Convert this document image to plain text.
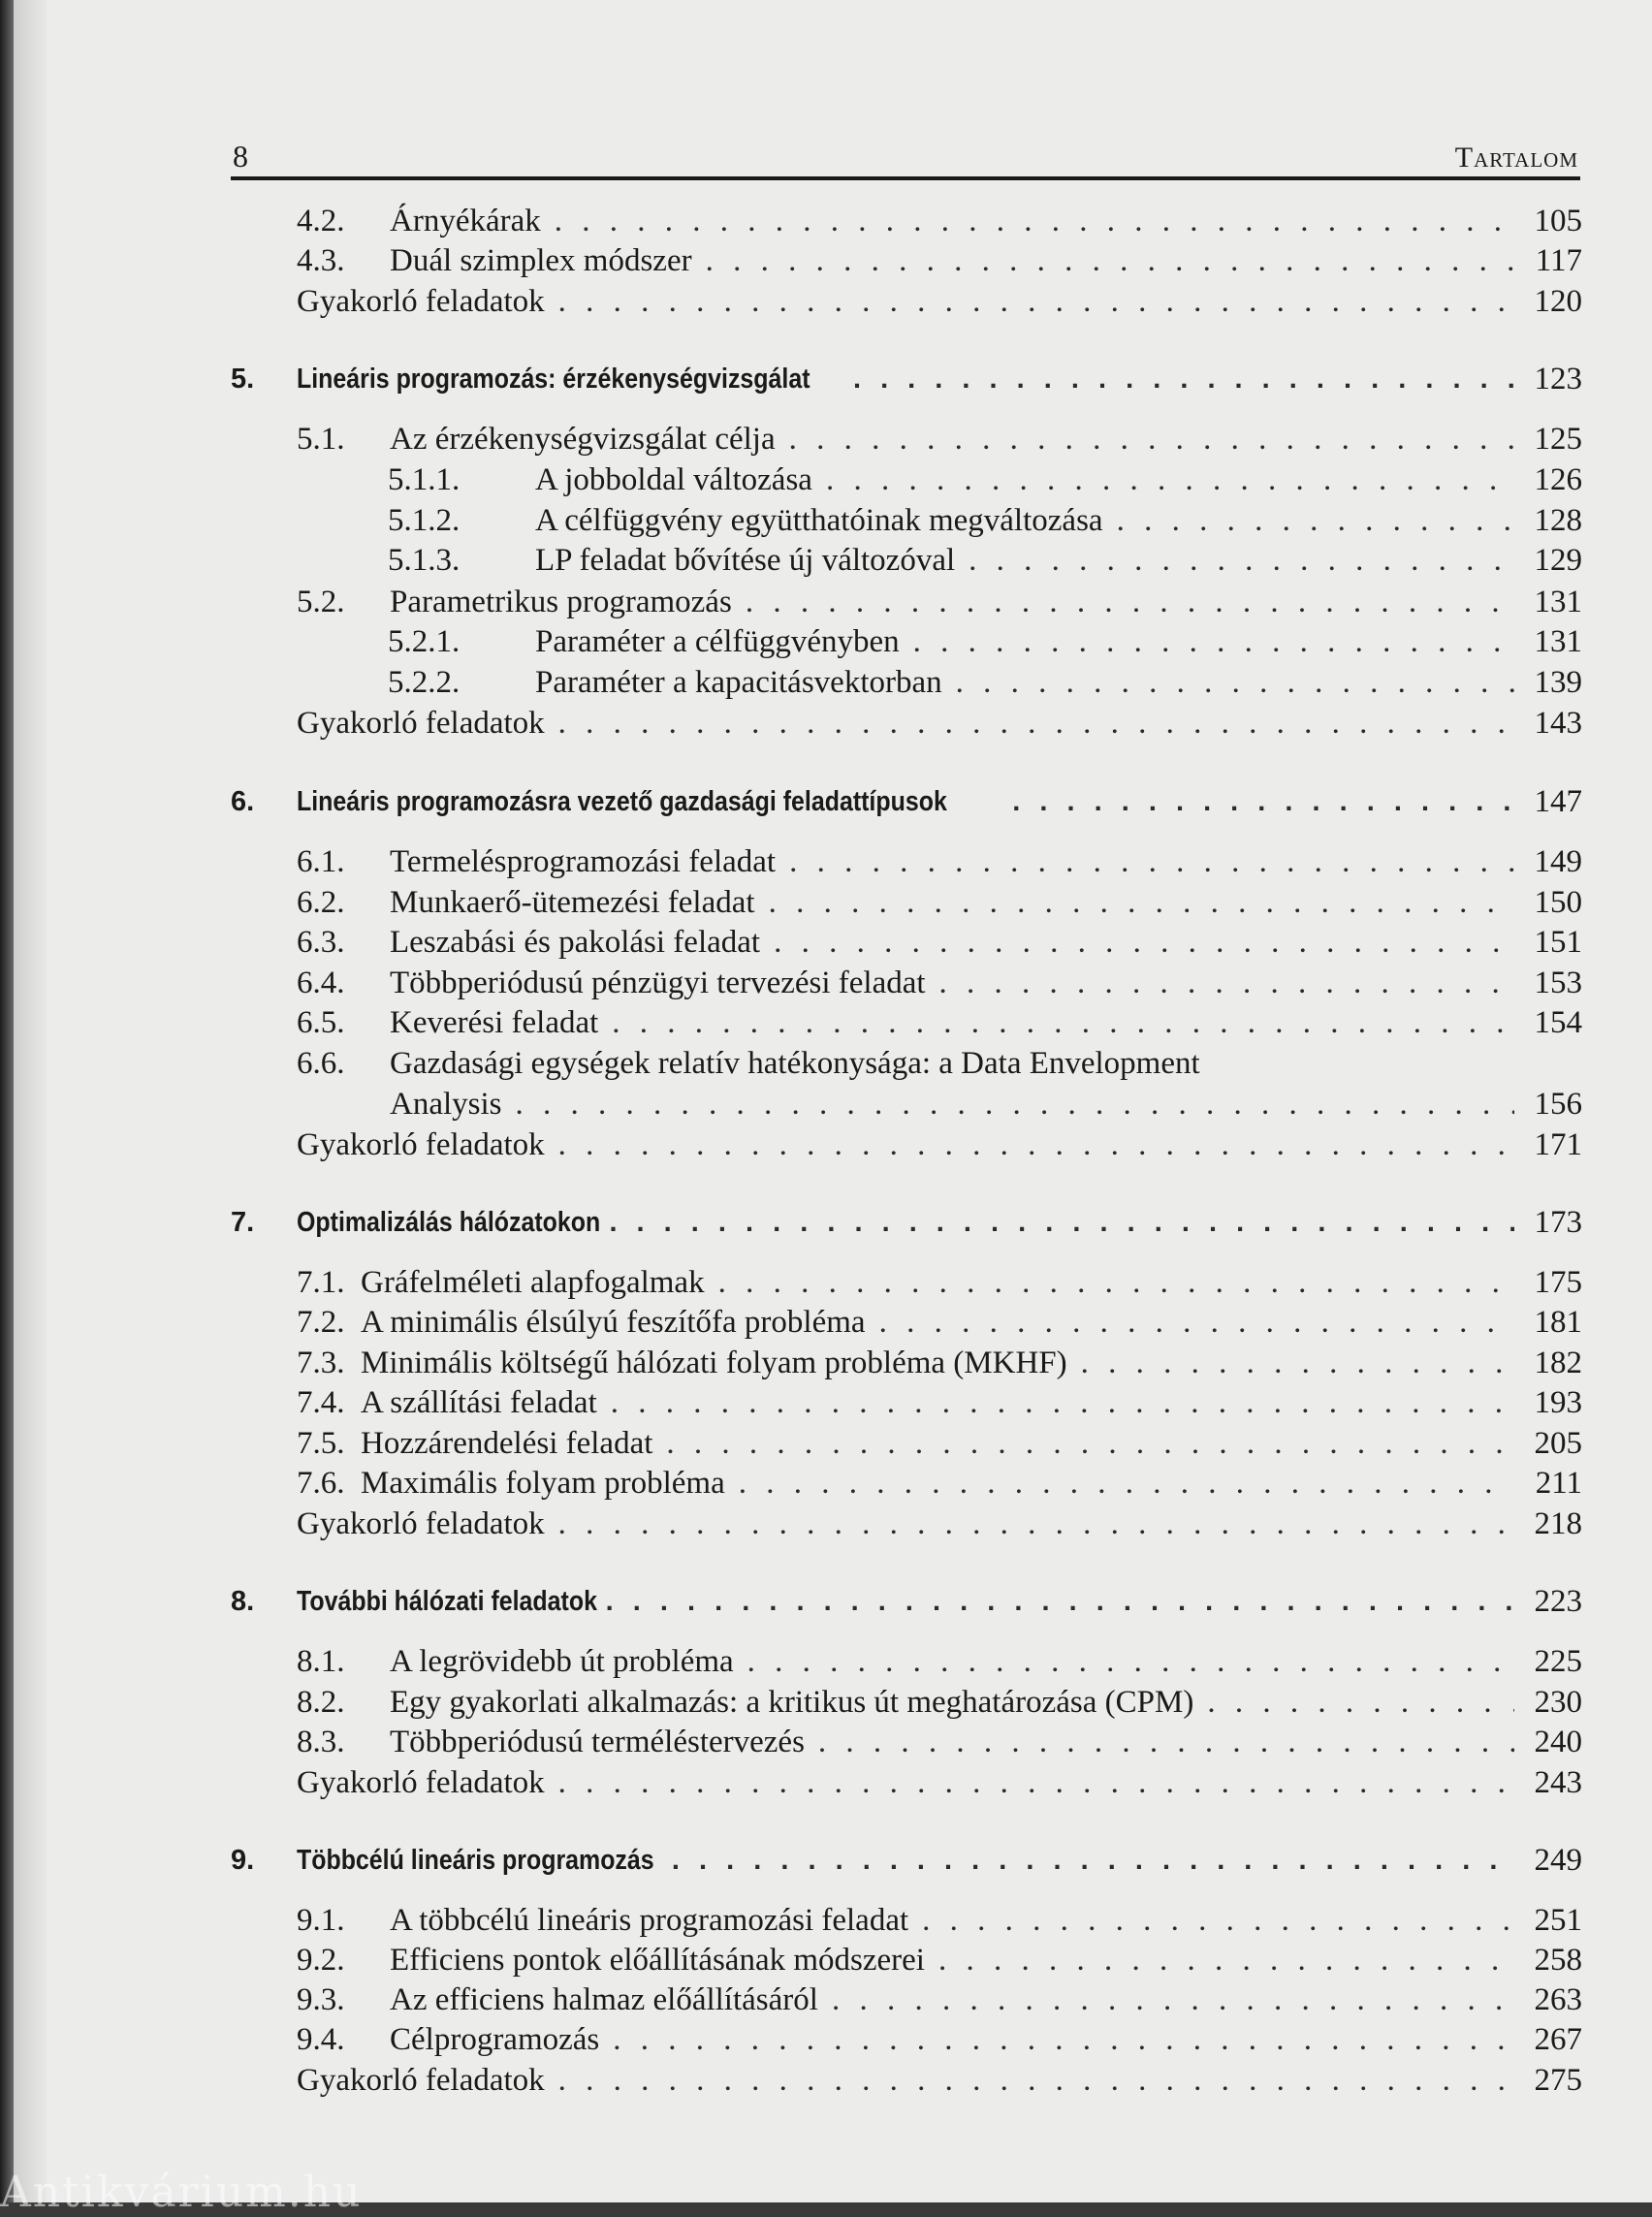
8	Tartalom
4.2.	Árnyékárak . . .	105
4.3.	Duál szimplex módszer . . .	117
Gyakorló feladatok . . .	120
5.	Lineáris programozás: érzékenységvizsgálat . . .	123
5.1.	Az érzékenységvizsgálat célja . . .	125
5.1.1.	A jobboldal változása . . .	126
5.1.2.	A célfüggvény együtthatóinak megváltozása . . .	128
5.1.3.	LP feladat bővítése új változóval . . .	129
5.2.	Parametrikus programozás . . .	131
5.2.1.	Paraméter a célfüggvényben . . .	131
5.2.2.	Paraméter a kapacitásvektorban . . .	139
Gyakorló feladatok . . .	143
6.	Lineáris programozásra vezető gazdasági feladattípusok . . .	147
6.1.	Termelésprogramozási feladat . . .	149
6.2.	Munkaerő-ütemezési feladat . . .	150
6.3.	Leszabási és pakolási feladat . . .	151
6.4.	Többperiódusú pénzügyi tervezési feladat . . .	153
6.5.	Keverési feladat . . .	154
6.6.	Gazdasági egységek relatív hatékonysága: a Data Envelopment
Analysis . . .	156
Gyakorló feladatok . . .	171
7.	Optimalizálás hálózatokon . . .	173
7.1. Gráfelméleti alapfogalmak . . .	175
7.2. A minimális élsúlyú feszítőfa probléma . . .	181
7.3. Minimális költségű hálózati folyam probléma (MKHF) . . .	182
7.4. A szállítási feladat . . .	193
7.5. Hozzárendelési feladat . . .	205
7.6. Maximális folyam probléma . . .	211
Gyakorló feladatok . . .	218
8.	További hálózati feladatok . . .	223
8.1.	A legrövidebb út probléma . . .	225
8.2.	Egy gyakorlati alkalmazás: a kritikus út meghatározása (CPM) . . .	230
8.3.	Többperiódusú terméléstervezés . . .	240
Gyakorló feladatok . . .	243
9.	Többcélú lineáris programozás . . .	249
9.1.	A többcélú lineáris programozási feladat . . .	251
9.2.	Efficiens pontok előállításának módszerei . . .	258
9.3.	Az efficiens halmaz előállításáról . . .	263
9.4.	Célprogramozás . . .	267
Gyakorló feladatok . . .	275
Antikvárium.hu
